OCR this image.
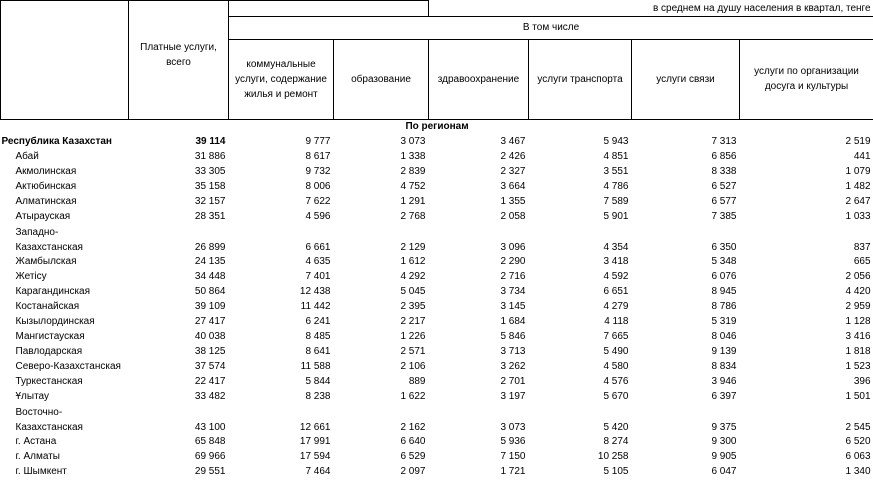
				в среднем на душу населения в квартал, тенге			
	Платные услуги, всего	В том числе					
		коммунальные услуги, содержание жилья и ремонт	образование	здравоохранение	услуги транспорта	услуги связи	услуги по организации досуга и культуры
По регионам							
Республика Казахстан	39 114	9 777	3 073	3 467	5 943	7 313	2 519
Абай	31 886	8 617	1 338	2 426	4 851	6 856	441
Акмолинская	33 305	9 732	2 839	2 327	3 551	8 338	1 079
Актюбинская	35 158	8 006	4 752	3 664	4 786	6 527	1 482
Алматинская	32 157	7 622	1 291	1 355	7 589	6 577	2 647
Атырауская	28 351	4 596	2 768	2 058	5 901	7 385	1 033

Западно-
Казахстанская	26 899	6 661	2 129	3 096	4 354	6 350	837
Жамбылская	24 135	4 635	1 612	2 290	3 418	5 348	665
Жетісу	34 448	7 401	4 292	2 716	4 592	6 076	2 056
Карагандинская	50 864	12 438	5 045	3 734	6 651	8 945	4 420
Костанайская	39 109	11 442	2 395	3 145	4 279	8 786	2 959
Кызылординская	27 417	6 241	2 217	1 684	4 118	5 319	1 128
Мангистауская	40 038	8 485	1 226	5 846	7 665	8 046	3 416
Павлодарская	38 125	8 641	2 571	3 713	5 490	9 139	1 818
Северо-Казахстанская	37 574	11 588	2 106	3 262	4 580	8 834	1 523
Туркестанская	22 417	5 844	889	2 701	4 576	3 946	396
Ұлытау	33 482	8 238	1 622	3 197	5 670	6 397	1 501

Восточно-
Казахстанская	43 100	12 661	2 162	3 073	5 420	9 375	2 545
г. Астана	65 848	17 991	6 640	5 936	8 274	9 300	6 520
г. Алматы	69 966	17 594	6 529	7 150	10 258	9 905	6 063
г. Шымкент	29 551	7 464	2 097	1 721	5 105	6 047	1 340
